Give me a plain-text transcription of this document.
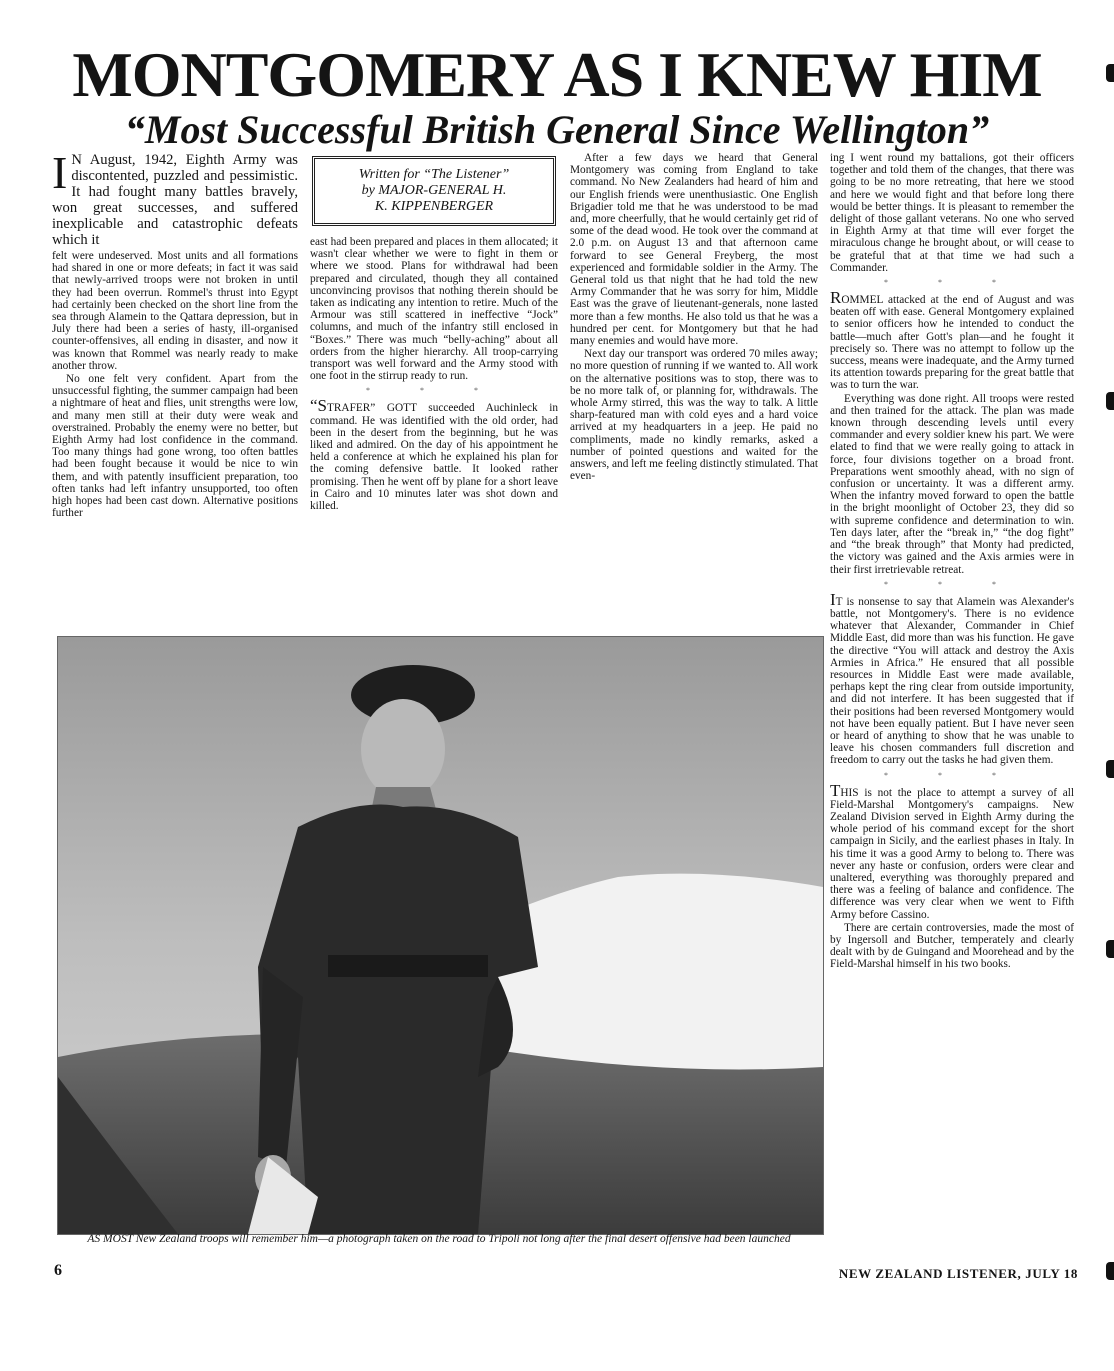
MONTGOMERY AS I KNEW HIM
“Most Successful British General Since Wellington”

I N August, 1942, Eighth Army was discontented, puzzled and pessimistic. It had fought many battles bravely, won great successes, and suffered inexplicable and catastrophic defeats which it

felt were undeserved. Most units and all formations had shared in one or more defeats; in fact it was said that newly-arrived troops were not broken in until they had been overrun. Rommel's thrust into Egypt had certainly been checked on the short line from the sea through Alamein to the Qattara depression, but in July there had been a series of hasty, ill-organised counter-offensives, all ending in disaster, and now it was known that Rommel was nearly ready to make another throw.

No one felt very confident. Apart from the unsuccessful fighting, the summer campaign had been a nightmare of heat and flies, unit strengths were low, and many men still at their duty were weak and overstrained. Probably the enemy were no better, but Eighth Army had lost confidence in the command. Too many things had gone wrong, too often battles had been fought because it would be nice to win them, and with patently insufficient preparation, too often tanks had left infantry unsupported, too often high hopes had been cast down. Alternative positions further

Written for “The Listener”
by MAJOR-GENERAL H.
K. KIPPENBERGER

east had been prepared and places in them allocated; it wasn't clear whether we were to fight in them or where we stood. Plans for withdrawal had been prepared and circulated, though they all contained unconvincing provisos that nothing therein should be taken as indicating any intention to retire. Much of the Armour was still scattered in ineffective “Jock” columns, and much of the infantry still enclosed in “Boxes.” There was much “belly-aching” about all orders from the higher hierarchy. All troop-carrying transport was well forward and the Army stood with one foot in the stirrup ready to run.

* * *

“STRAFER” GOTT succeeded Auchinleck in command. He was identified with the old order, had been in the desert from the beginning, but he was liked and admired. On the day of his appointment he held a conference at which he explained his plan for the coming defensive battle. It looked rather promising. Then he went off by plane for a short leave in Cairo and 10 minutes later was shot down and killed.

After a few days we heard that General Montgomery was coming from England to take command. No New Zealanders had heard of him and our English friends were unenthusiastic. One English Brigadier told me that he was understood to be mad and, more cheerfully, that he would certainly get rid of some of the dead wood. He took over the command at 2.0 p.m. on August 13 and that afternoon came forward to see General Freyberg, the most experienced and formidable soldier in the Army. The General told us that night that he had told the new Army Commander that he was sorry for him, Middle East was the grave of lieutenant-generals, none lasted more than a few months. He also told us that he was a hundred per cent. for Montgomery but that he had many enemies and would have more.

Next day our transport was ordered 70 miles away; no more question of running if we wanted to. All work on the alternative positions was to stop, there was to be no more talk of, or planning for, withdrawals. The whole Army stirred, this was the way to talk. A little sharp-featured man with cold eyes and a hard voice arrived at my headquarters in a jeep. He paid no compliments, made no kindly remarks, asked a number of pointed questions and waited for the answers, and left me feeling distinctly stimulated. That even-

ing I went round my battalions, got their officers together and told them of the changes, that there was going to be no more retreating, that here we stood and here we would fight and that before long there would be better things. It is pleasant to remember the delight of those gallant veterans. No one who served in Eighth Army at that time will ever forget the miraculous change he brought about, or will cease to be grateful that at that time we had such a Commander.

* * *

ROMMEL attacked at the end of August and was beaten off with ease. General Montgomery explained to senior officers how he intended to conduct the battle—much after Gott's plan—and he fought it precisely so. There was no attempt to follow up the success, means were inadequate, and the Army turned its attention towards preparing for the great battle that was to turn the war.

Everything was done right. All troops were rested and then trained for the attack. The plan was made known through descending levels until every commander and every soldier knew his part. We were elated to find that we were really going to attack in force, four divisions together on a broad front. Preparations went smoothly ahead, with no sign of confusion or uncertainty. It was a different army. When the infantry moved forward to open the battle in the bright moonlight of October 23, they did so with supreme confidence and determination to win. Ten days later, after the “break in,” “the dog fight” and “the break through” that Monty had predicted, the victory was gained and the Axis armies were in their first irretrievable retreat.

* * *

IT is nonsense to say that Alamein was Alexander's battle, not Montgomery's. There is no evidence whatever that Alexander, Commander in Chief Middle East, did more than was his function. He gave the directive “You will attack and destroy the Axis Armies in Africa.” He ensured that all possible resources in Middle East were made available, perhaps kept the ring clear from outside importunity, and did not interfere. It has been suggested that if their positions had been reversed Montgomery would not have been equally patient. But I have never seen or heard of anything to show that he was unable to leave his chosen commanders full discretion and freedom to carry out the tasks he had given them.

* * *

THIS is not the place to attempt a survey of all Field-Marshal Montgomery's campaigns. New Zealand Division served in Eighth Army during the whole period of his command except for the short campaign in Sicily, and the earliest phases in Italy. In his time it was a good Army to belong to. There was never any haste or confusion, orders were clear and unaltered, everything was thoroughly prepared and there was a feeling of balance and confidence. The difference was very clear when we went to Fifth Army before Cassino.

There are certain controversies, made the most of by Ingersoll and Butcher, temperately and clearly dealt with by de Guingand and Moorehead and by the Field-Marshal himself in his two books.

AS MOST New Zealand troops will remember him—a photograph taken on the road to Tripoli not long after the final desert offensive had been launched

6	NEW ZEALAND LISTENER, JULY 18
